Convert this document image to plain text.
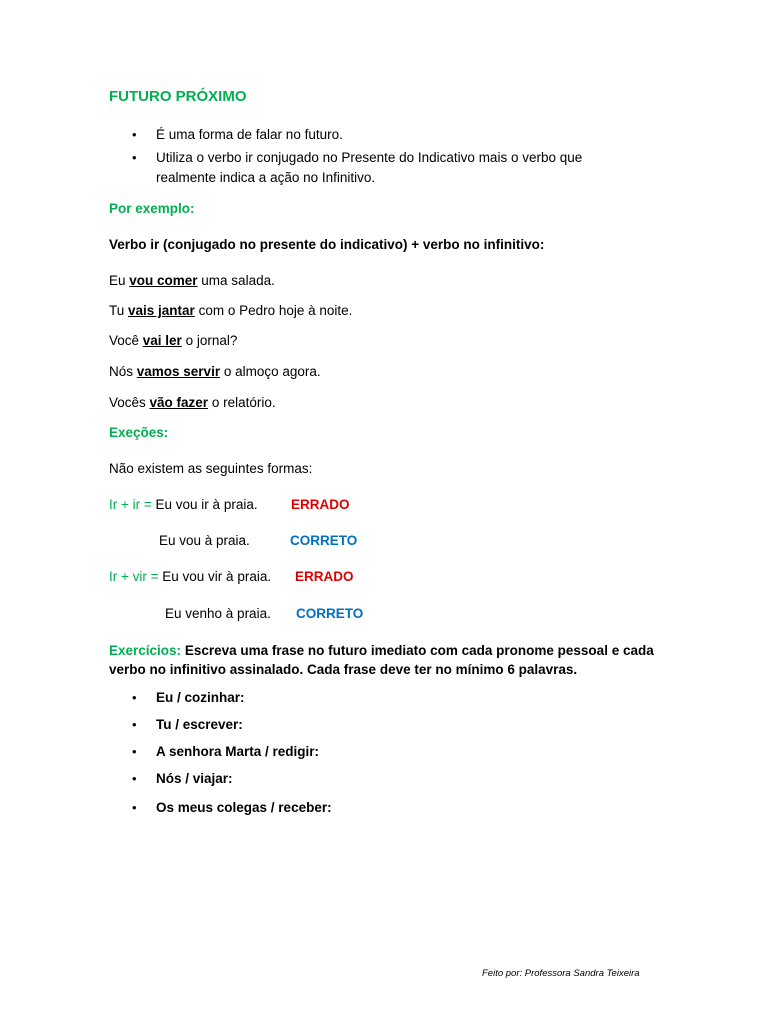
FUTURO PRÓXIMO
• É uma forma de falar no futuro.
• Utiliza o verbo ir conjugado no Presente do Indicativo mais o verbo que
realmente indica a ação no Infinitivo.
Por exemplo:
Verbo ir (conjugado no presente do indicativo) + verbo no infinitivo:
Eu vou comer uma salada.
Tu vais jantar com o Pedro hoje à noite.
Você vai ler o jornal?
Nós vamos servir o almoço agora.
Vocês vão fazer o relatório.
Exeções:
Não existem as seguintes formas:
Ir + ir = Eu vou ir à praia. ERRADO
Eu vou à praia.	CORRETO
Ir + vir = Eu vou vir à praia. ERRADO
Eu venho à praia. CORRETO
Exercícios: Escreva uma frase no futuro imediato com cada pronome pessoal e cada
verbo no infinitivo assinalado. Cada frase deve ter no mínimo 6 palavras.
• Eu / cozinhar:
• Tu / escrever:
• A senhora Marta / redigir:
• Nós / viajar:
• Os meus colegas / receber:
Feito por: Professora Sandra Teixeira
